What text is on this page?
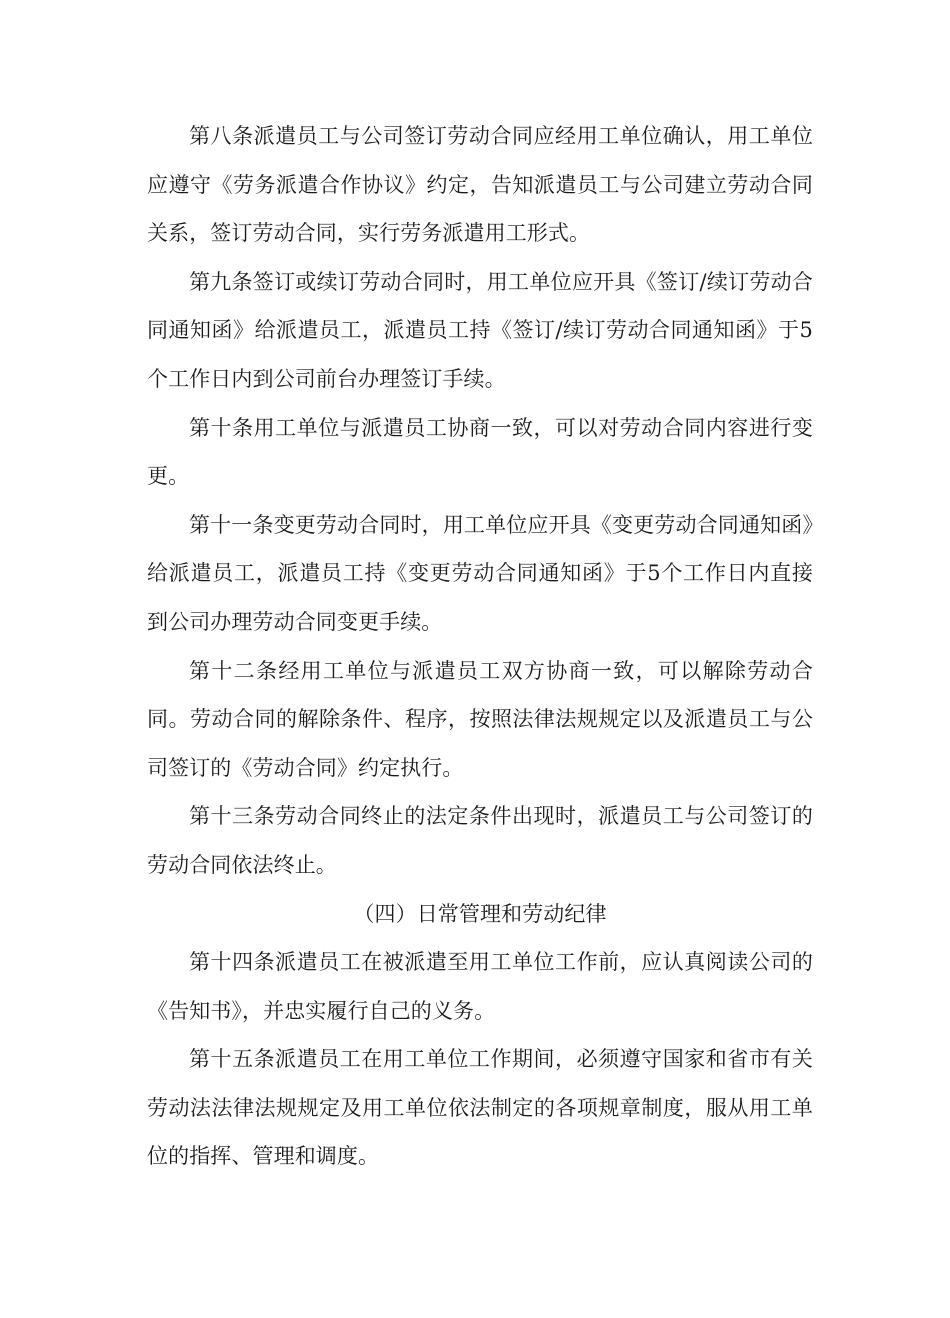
第八条派遣员工与公司签订劳动合同应经用工单位确认，用工单位应遵守《劳务派遣合作协议》约定，告知派遣员工与公司建立劳动合同关系，签订劳动合同，实行劳务派遣用工形式。

第九条签订或续订劳动合同时，用工单位应开具《签订/续订劳动合同通知函》给派遣员工，派遣员工持《签订/续订劳动合同通知函》于5个工作日内到公司前台办理签订手续。

第十条用工单位与派遣员工协商一致，可以对劳动合同内容进行变更。

第十一条变更劳动合同时，用工单位应开具《变更劳动合同通知函》给派遣员工，派遣员工持《变更劳动合同通知函》于5个工作日内直接到公司办理劳动合同变更手续。

第十二条经用工单位与派遣员工双方协商一致，可以解除劳动合同。劳动合同的解除条件、程序，按照法律法规规定以及派遣员工与公司签订的《劳动合同》约定执行。

第十三条劳动合同终止的法定条件出现时，派遣员工与公司签订的劳动合同依法终止。

（四）日常管理和劳动纪律

第十四条派遣员工在被派遣至用工单位工作前，应认真阅读公司的《告知书》，并忠实履行自己的义务。

第十五条派遣员工在用工单位工作期间，必须遵守国家和省市有关劳动法法律法规规定及用工单位依法制定的各项规章制度，服从用工单位的指挥、管理和调度。
